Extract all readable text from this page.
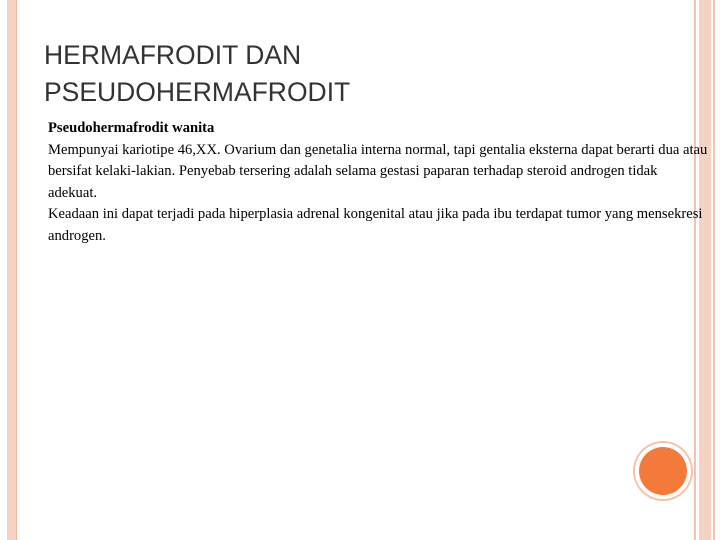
HERMAFRODIT DAN
PSEUDOHERMAFRODIT
Pseudohermafrodit wanita
Mempunyai kariotipe 46,XX. Ovarium dan genetalia interna normal, tapi gentalia eksterna dapat berarti dua atau bersifat kelaki-lakian. Penyebab tersering adalah selama gestasi paparan terhadap steroid androgen tidak adekuat.
Keadaan ini dapat terjadi pada hiperplasia adrenal kongenital atau jika pada ibu terdapat tumor yang mensekresi androgen.
